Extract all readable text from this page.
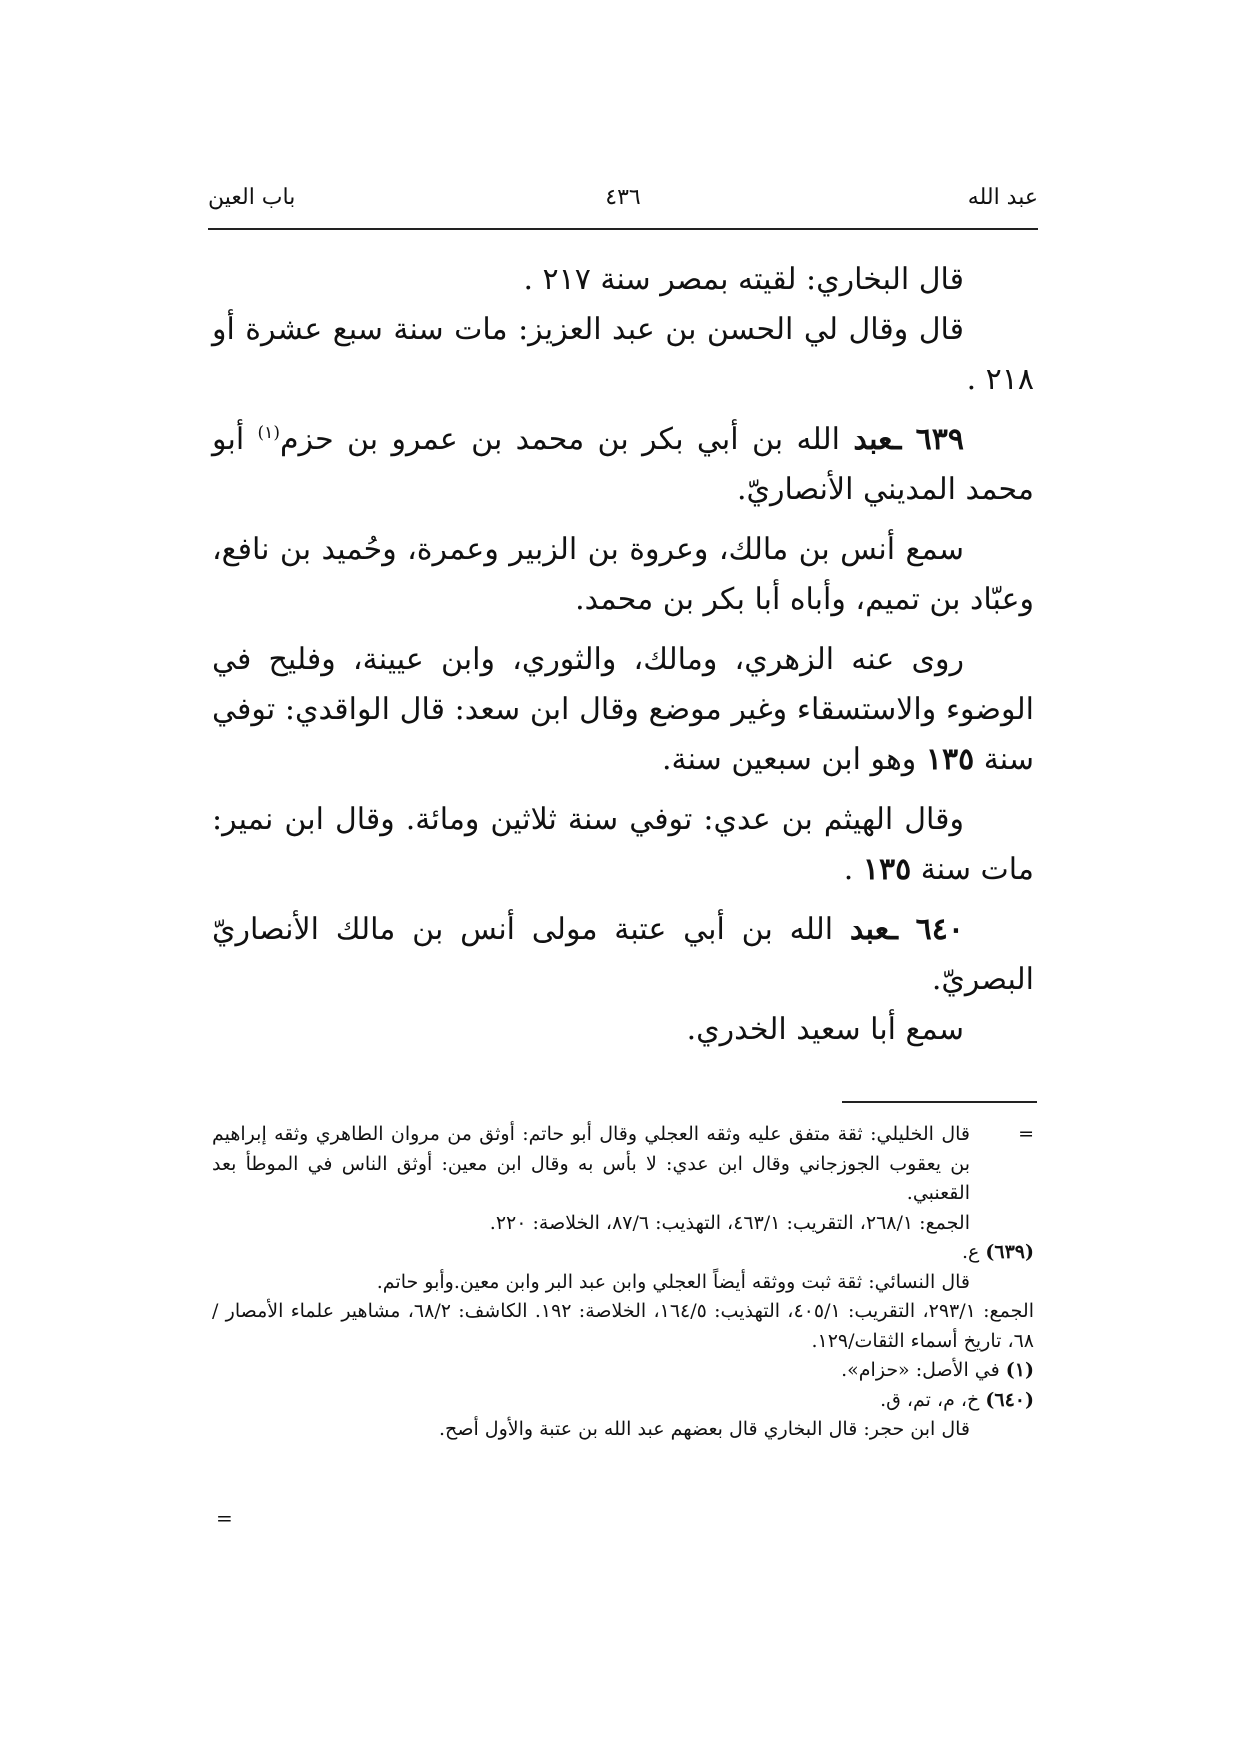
عبد الله
٤٣٦
باب العين

قال البخاري: لقيته بمصر سنة ٢١٧ .

قال وقال لي الحسن بن عبد العزيز: مات سنة سبع عشرة أو ٢١٨ .

٦٣٩ ـعبد الله بن أبي بكر بن محمد بن عمرو بن حزم$^{(١)}$ أبو محمد المديني الأنصاريّ.

سمع أنس بن مالك، وعروة بن الزبير وعمرة، وحُميد بن نافع، وعبّاد بن تميم، وأباه أبا بكر بن محمد.

روى عنه الزهري، ومالك، والثوري، وابن عيينة، وفليح في الوضوء والاستسقاء وغير موضع وقال ابن سعد: قال الواقدي: توفي سنة ١٣٥ وهو ابن سبعين سنة.

وقال الهيثم بن عدي: توفي سنة ثلاثين ومائة. وقال ابن نمير: مات سنة ١٣٥ .

٦٤٠ ـعبد الله بن أبي عتبة مولى أنس بن مالك الأنصاريّ البصريّ.

سمع أبا سعيد الخدري.

=
قال الخليلي: ثقة متفق عليه وثقه العجلي وقال أبو حاتم: أوثق من مروان الطاهري وثقه إبراهيم بن يعقوب الجوزجاني وقال ابن عدي: لا بأس به وقال ابن معين: أوثق الناس في الموطأ بعد القعنبي.

الجمع: ٢٦٨/١، التقريب: ٤٦٣/١، التهذيب: ٨٧/٦، الخلاصة: ٢٢٠.

(٦٣٩) ع.

قال النسائي: ثقة ثبت ووثقه أيضاً العجلي وابن عبد البر وابن معين.وأبو حاتم.

الجمع: ٢٩٣/١، التقريب: ٤٠٥/١، التهذيب: ١٦٤/٥، الخلاصة: ١٩٢. الكاشف: ٦٨/٢، مشاهير علماء الأمصار /٦٨، تاريخ أسماء الثقات/١٢٩.

(١) في الأصل: «حزام».

(٦٤٠) خ، م، تم، ق.

قال ابن حجر: قال البخاري قال بعضهم عبد الله بن عتبة والأول أصح.

=
